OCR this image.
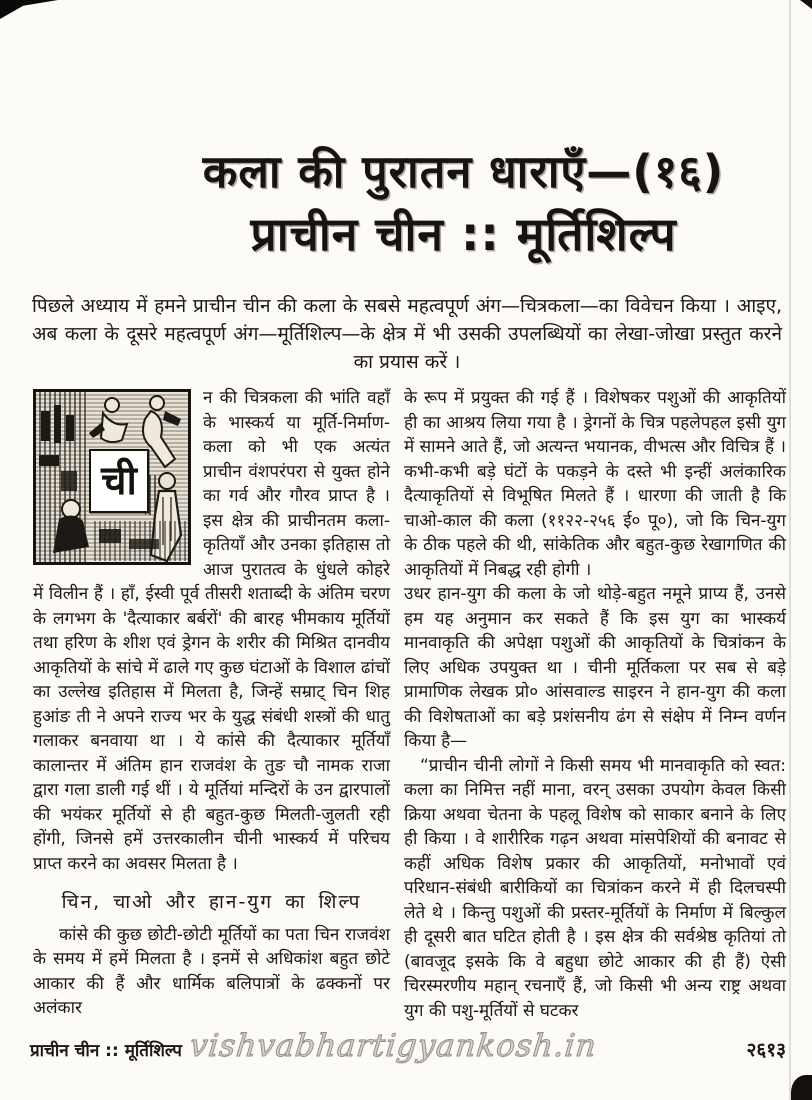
कला की पुरातन धाराएँ—(१६)
प्राचीन चीन :: मूर्तिशिल्प
पिछले अध्याय में हमने प्राचीन चीन की कला के सबसे महत्वपूर्ण अंग—चित्रकला—का विवेचन किया । आइए, अब कला के दूसरे महत्वपूर्ण अंग—मूर्तिशिल्प—के क्षेत्र में भी उसकी उपलब्धियों का लेखा-जोखा प्रस्तुत करने का प्रयास करें ।
ची
न की चित्रकला की भांति वहाँ के भास्कर्य या मूर्ति-निर्माण-कला को भी एक अत्यंत प्राचीन वंशपरंपरा से युक्त होने का गर्व और गौरव प्राप्त है । इस क्षेत्र की प्राचीनतम कला-कृतियाँ और उनका इतिहास तो आज पुरातत्व के धुंधले कोहरे में विलीन हैं । हाँ, ईस्वी पूर्व तीसरी शताब्दी के अंतिम चरण के लगभग के 'दैत्याकार बर्बरों' की बारह भीमकाय मूर्तियों तथा हरिण के शीश एवं ड्रेगन के शरीर की मिश्रित दानवीय आकृतियों के सांचे में ढाले गए कुछ घंटाओं के विशाल ढांचों का उल्लेख इतिहास में मिलता है, जिन्हें सम्राट् चिन शिह हुआंङ ती ने अपने राज्य भर के युद्ध संबंधी शस्त्रों की धातु गलाकर बनवाया था । ये कांसे की दैत्याकार मूर्तियाँ कालान्तर में अंतिम हान राजवंश के तुङ चौ नामक राजा द्वारा गला डाली गई थीं । ये मूर्तियां मन्दिरों के उन द्वारपालों की भयंकर मूर्तियों से ही बहुत-कुछ मिलती-जुलती रही होंगी, जिनसे हमें उत्तरकालीन चीनी भास्कर्य में परिचय प्राप्त करने का अवसर मिलता है ।
चिन, चाओ और हान-युग का शिल्प
कांसे की कुछ छोटी-छोटी मूर्तियों का पता चिन राजवंश के समय में हमें मिलता है । इनमें से अधिकांश बहुत छोटे आकार की हैं और धार्मिक बलिपात्रों के ढक्कनों पर अलंकार
के रूप में प्रयुक्त की गई हैं । विशेषकर पशुओं की आकृतियों ही का आश्रय लिया गया है । ड्रेगनों के चित्र पहलेपहल इसी युग में सामने आते हैं, जो अत्यन्त भयानक, वीभत्स और विचित्र हैं । कभी-कभी बड़े घंटों के पकड़ने के दस्ते भी इन्हीं अलंकारिक दैत्याकृतियों से विभूषित मिलते हैं । धारणा की जाती है कि चाओ-काल की कला (११२२-२५६ ई० पू०), जो कि चिन-युग के ठीक पहले की थी, सांकेतिक और बहुत-कुछ रेखागणित की आकृतियों में निबद्ध रही होगी ।
उधर हान-युग की कला के जो थोड़े-बहुत नमूने प्राप्य हैं, उनसे हम यह अनुमान कर सकते हैं कि इस युग का भास्कर्य मानवाकृति की अपेक्षा पशुओं की आकृतियों के चित्रांकन के लिए अधिक उपयुक्त था । चीनी मूर्तिकला पर सब से बड़े प्रामाणिक लेखक प्रो० आंसवाल्ड साइरन ने हान-युग की कला की विशेषताओं का बड़े प्रशंसनीय ढंग से संक्षेप में निम्न वर्णन किया है—
“प्राचीन चीनी लोगों ने किसी समय भी मानवाकृति को स्वत: कला का निमित्त नहीं माना, वरन् उसका उपयोग केवल किसी क्रिया अथवा चेतना के पहलू विशेष को साकार बनाने के लिए ही किया । वे शारीरिक गढ़न अथवा मांसपेशियों की बनावट से कहीं अधिक विशेष प्रकार की आकृतियों, मनोभावों एवं परिधान-संबंधी बारीकियों का चित्रांकन करने में ही दिलचस्पी लेते थे । किन्तु पशुओं की प्रस्तर-मूर्तियों के निर्माण में बिल्कुल ही दूसरी बात घटित होती है । इस क्षेत्र की सर्वश्रेष्ठ कृतियां तो (बावजूद इसके कि वे बहुधा छोटे आकार की ही हैं) ऐसी चिरस्मरणीय महान् रचनाएँ हैं, जो किसी भी अन्य राष्ट्र अथवा युग की पशु-मूर्तियों से घटकर
प्राचीन चीन :: मूर्तिशिल्प vishvabhartigyankosh.in	२६१३
